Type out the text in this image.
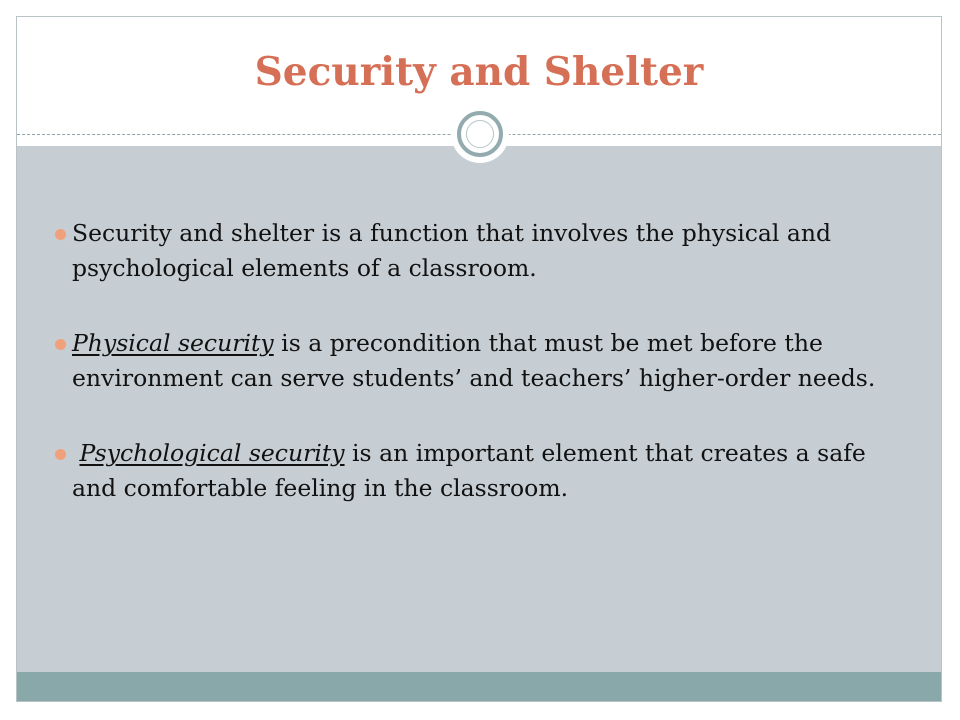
Security and Shelter
Security and shelter is a function that involves the physical and psychological elements of a classroom.
Physical security is a precondition that must be met before the environment can serve students’ and teachers’ higher-order needs.
Psychological security is an important element that creates a safe and comfortable feeling in the classroom.
